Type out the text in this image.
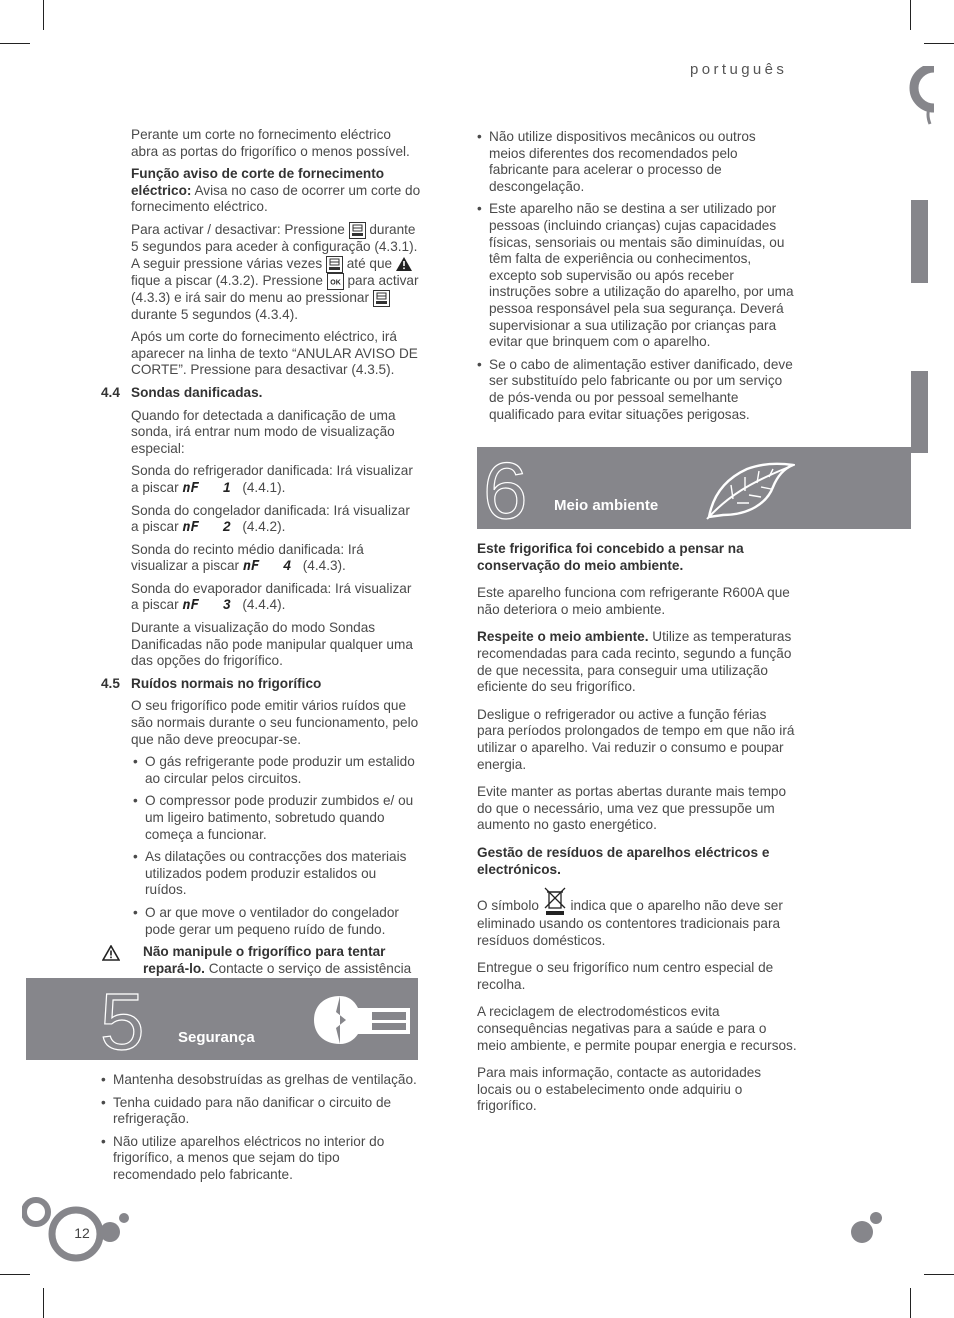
português

Perante um corte no fornecimento eléctrico abra as portas do frigorífico o menos possível.

Função aviso de corte de fornecimento eléctrico: Avisa no caso de ocorrer um corte do fornecimento eléctrico.

Para activar / desactivar: Pressione  durante 5 segundos para aceder à configuração (4.3.1). A seguir pressione várias vezes  até que  fique a piscar (4.3.2). Pressione OK para activar (4.3.3) e irá sair do menu ao pressionar  durante 5 segundos (4.3.4).

Após um corte do fornecimento eléctrico, irá aparecer na linha de texto “ANULAR AVISO DE CORTE”. Pressione para desactivar (4.3.5).

4.4 Sondas danificadas.

Quando for detectada a danificação de uma sonda, irá entrar num modo de visualização especial:

Sonda do refrigerador danificada: Irá visualizar a piscar nF 1 (4.4.1).

Sonda do congelador danificada: Irá visualizar a piscar nF 2 (4.4.2).

Sonda do recinto médio danificada: Irá visualizar a piscar nF 4 (4.4.3).

Sonda do evaporador danificada: Irá visualizar a piscar nF 3 (4.4.4).

Durante a visualização do modo Sondas Danificadas não pode manipular qualquer uma das opções do frigorífico.

4.5 Ruídos normais no frigorífico

O seu frigorífico pode emitir vários ruídos que são normais durante o seu funcionamento, pelo que não deve preocupar-se.

• O gás refrigerante pode produzir um estalido ao circular pelos circuitos.
• O compressor pode produzir zumbidos e/ ou um ligeiro batimento, sobretudo quando começa a funcionar.
• As dilatações ou contracções dos materiais utilizados podem produzir estalidos ou ruídos.
• O ar que move o ventilador do congelador pode gerar um pequeno ruído de fundo.
Não manipule o frigorífico para tentar repará-lo. Contacte o serviço de assistência
5 Segurança
• Mantenha desobstruídas as grelhas de ventilação.
• Tenha cuidado para não danificar o circuito de refrigeração.
• Não utilize aparelhos eléctricos no interior do frigorífico, a menos que sejam do tipo recomendado pelo fabricante.
• Não utilize dispositivos mecânicos ou outros meios diferentes dos recomendados pelo fabricante para acelerar o processo de descongelação.
• Este aparelho não se destina a ser utilizado por pessoas (incluindo crianças) cujas capacidades físicas, sensoriais ou mentais são diminuídas, ou têm falta de experiência ou conhecimentos, excepto sob supervisão ou após receber instruções sobre a utilização do aparelho, por uma pessoa responsável pela sua segurança. Deverá supervisionar a sua utilização por crianças para evitar que brinquem com o aparelho.
• Se o cabo de alimentação estiver danificado, deve ser substituído pelo fabricante ou por um serviço de pós-venda ou por pessoal semelhante qualificado para evitar situações perigosas.
6 Meio ambiente

Este frigorifica foi concebido a pensar na conservação do meio ambiente.

Este aparelho funciona com refrigerante R600A que não deteriora o meio ambiente.

Respeite o meio ambiente. Utilize as temperaturas recomendadas para cada recinto, segundo a função de que necessita, para conseguir uma utilização eficiente do seu frigorífico.

Desligue o refrigerador ou active a função férias para períodos prolongados de tempo em que não irá utilizar o aparelho. Vai reduzir o consumo e poupar energia.

Evite manter as portas abertas durante mais tempo do que o necessário, uma vez que pressupõe um aumento no gasto energético.

Gestão de resíduos de aparelhos eléctricos e electrónicos.

O símbolo  indica que o aparelho não deve ser eliminado usando os contentores tradicionais para resíduos domésticos.

Entregue o seu frigorífico num centro especial de recolha.

A reciclagem de electrodomésticos evita consequências negativas para a saúde e para o meio ambiente, e permite poupar energia e recursos.

Para mais informação, contacte as autoridades locais ou o estabelecimento onde adquiriu o frigorífico.

12
